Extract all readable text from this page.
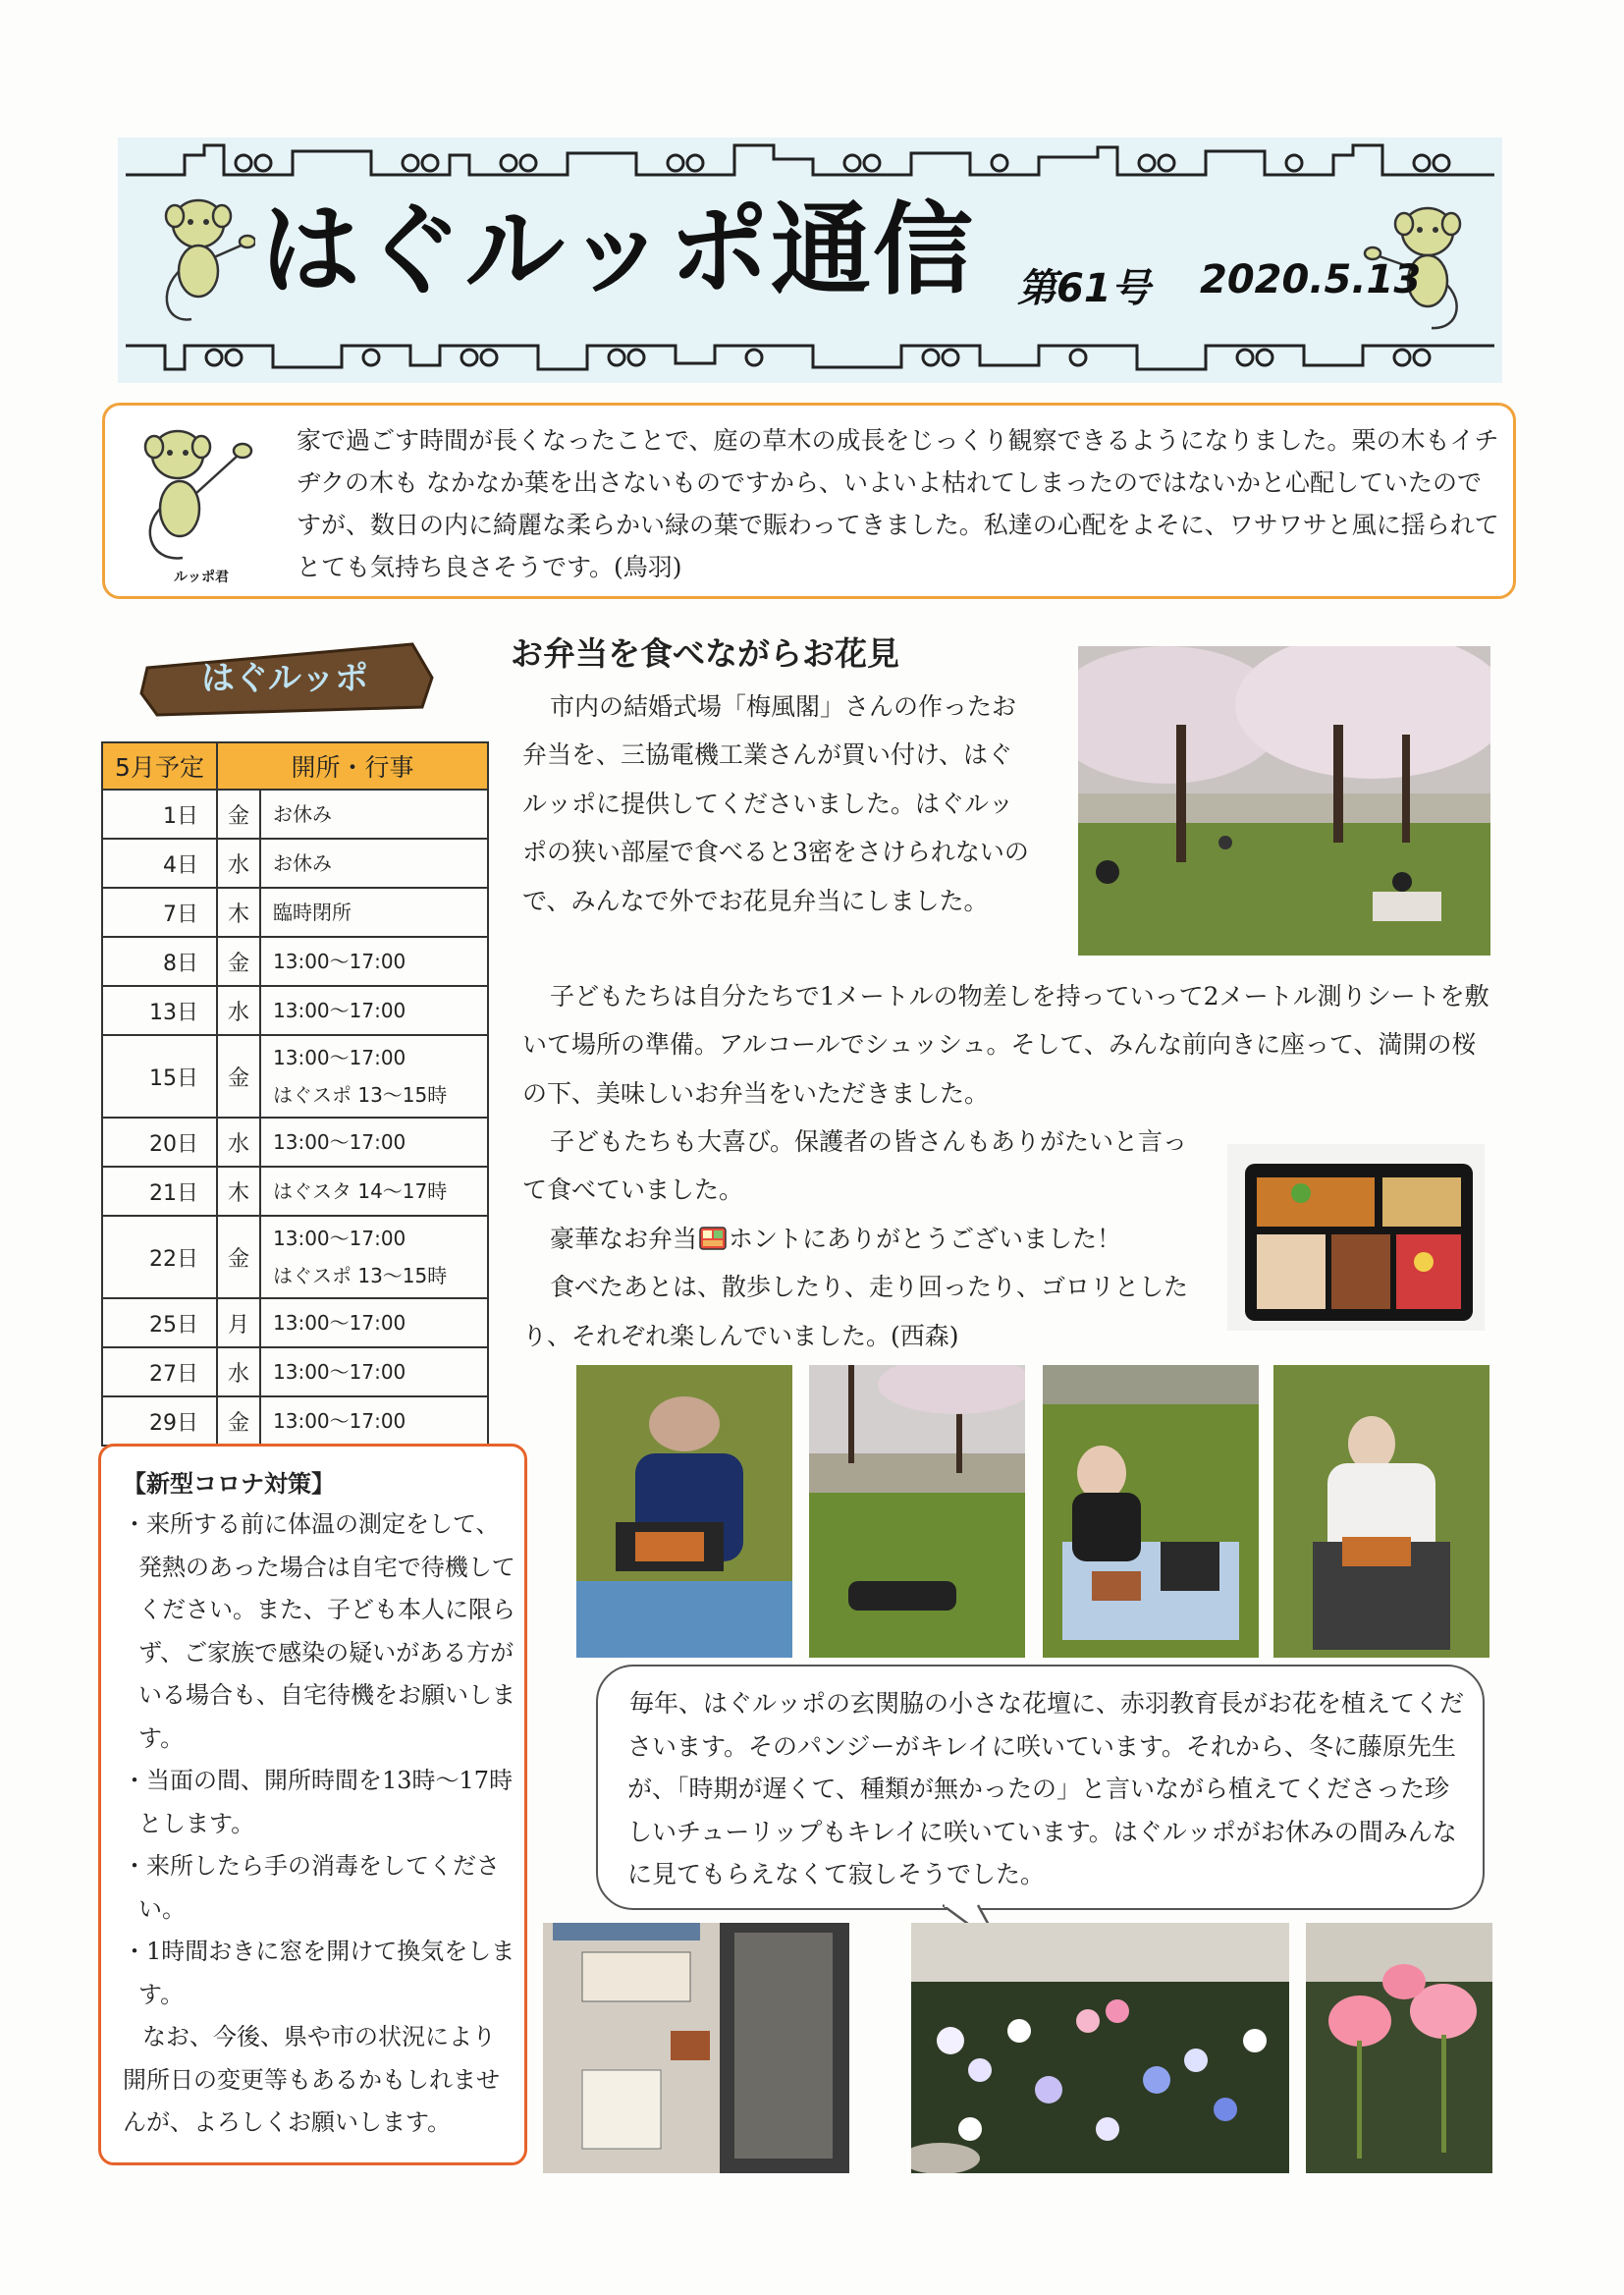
はぐルッポ通信 第61号 2020.5.13
ルッポ君

家で過ごす時間が長くなったことで、庭の草木の成長をじっくり観察できるようになりました。栗の木もイチヂクの木も なかなか葉を出さないものですから、いよいよ枯れてしまったのではないかと心配していたのですが、数日の内に綺麗な柔らかい緑の葉で賑わってきました。私達の心配をよそに、ワサワサと風に揺られてとても気持ち良さそうです。(鳥羽)

はぐルッポ
5月予定	開所・行事	
1日	金	お休み

4日	水	お休み

7日	木	臨時閉所

8日	金	13:00～17:00

13日	水	13:00～17:00

15日	金	13:00～17:00
はぐスポ 13～15時

20日	水	13:00～17:00

21日	木	はぐスタ 14～17時

22日	金	13:00～17:00
はぐスポ 13～15時

25日	月	13:00～17:00

27日	水	13:00～17:00

29日	金	13:00～17:00
【新型コロナ対策】

・来所する前に体温の測定をして、発熱のあった場合は自宅で待機してください。また、子ども本人に限らず、ご家族で感染の疑いがある方がいる場合も、自宅待機をお願いします。

・当面の間、開所時間を13時～17時とします。

・来所したら手の消毒をしてください。

・1時間おきに窓を開けて換気をします。

なお、今後、県や市の状況により開所日の変更等もあるかもしれませんが、よろしくお願いします。

お弁当を食べながらお花見

市内の結婚式場「梅風閣」さんの作ったお弁当を、三協電機工業さんが買い付け、はぐルッポに提供してくださいました。はぐルッポの狭い部屋で食べると3密をさけられないので、みんなで外でお花見弁当にしました。

子どもたちは自分たちで1メートルの物差しを持っていって2メートル測りシートを敷いて場所の準備。アルコールでシュッシュ。そして、みんな前向きに座って、満開の桜の下、美味しいお弁当をいただきました。

子どもたちも大喜び。保護者の皆さんもありがたいと言って食べていました。
豪華なお弁当 ホントにありがとうございました！
食べたあとは、散歩したり、走り回ったり、ゴロリとしたり、それぞれ楽しんでいました。(西森)

毎年、はぐルッポの玄関脇の小さな花壇に、赤羽教育長がお花を植えてくださいます。そのパンジーがキレイに咲いています。それから、冬に藤原先生が、「時期が遅くて、種類が無かったの」と言いながら植えてくださった珍しいチューリップもキレイに咲いています。はぐルッポがお休みの間みんなに見てもらえなくて寂しそうでした。
